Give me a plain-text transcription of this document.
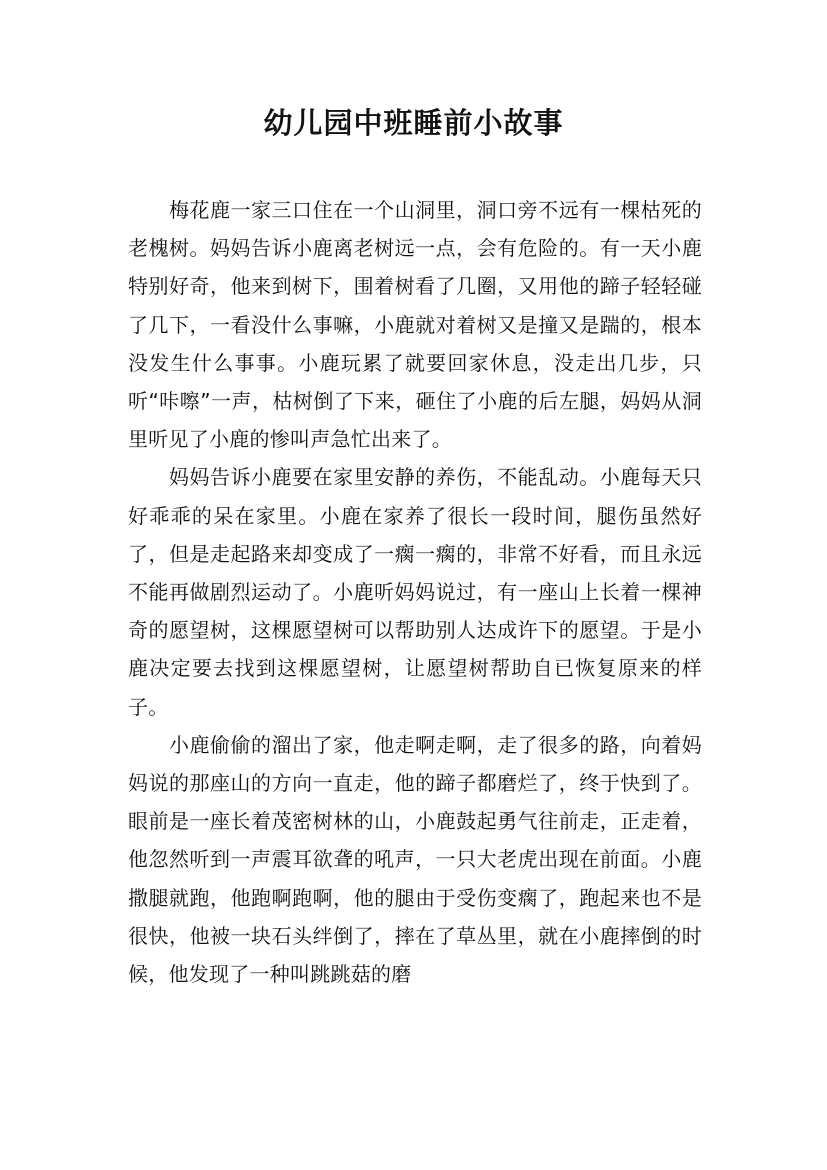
幼儿园中班睡前小故事

梅花鹿一家三口住在一个山洞里，洞口旁不远有一棵枯死的老槐树。妈妈告诉小鹿离老树远一点，会有危险的。有一天小鹿特别好奇，他来到树下，围着树看了几圈，又用他的蹄子轻轻碰了几下，一看没什么事嘛，小鹿就对着树又是撞又是踹的，根本没发生什么事事。小鹿玩累了就要回家休息，没走出几步，只听“咔嚓”一声，枯树倒了下来，砸住了小鹿的后左腿，妈妈从洞里听见了小鹿的惨叫声急忙出来了。

妈妈告诉小鹿要在家里安静的养伤，不能乱动。小鹿每天只好乖乖的呆在家里。小鹿在家养了很长一段时间，腿伤虽然好了，但是走起路来却变成了一瘸一瘸的，非常不好看，而且永远不能再做剧烈运动了。小鹿听妈妈说过，有一座山上长着一棵神奇的愿望树，这棵愿望树可以帮助别人达成许下的愿望。于是小鹿决定要去找到这棵愿望树，让愿望树帮助自已恢复原来的样子。

小鹿偷偷的溜出了家，他走啊走啊，走了很多的路，向着妈妈说的那座山的方向一直走，他的蹄子都磨烂了，终于快到了。眼前是一座长着茂密树林的山，小鹿鼓起勇气往前走，正走着，他忽然听到一声震耳欲聋的吼声，一只大老虎出现在前面。小鹿撒腿就跑，他跑啊跑啊，他的腿由于受伤变瘸了，跑起来也不是很快，他被一块石头绊倒了，摔在了草丛里，就在小鹿摔倒的时候，他发现了一种叫跳跳菇的磨
